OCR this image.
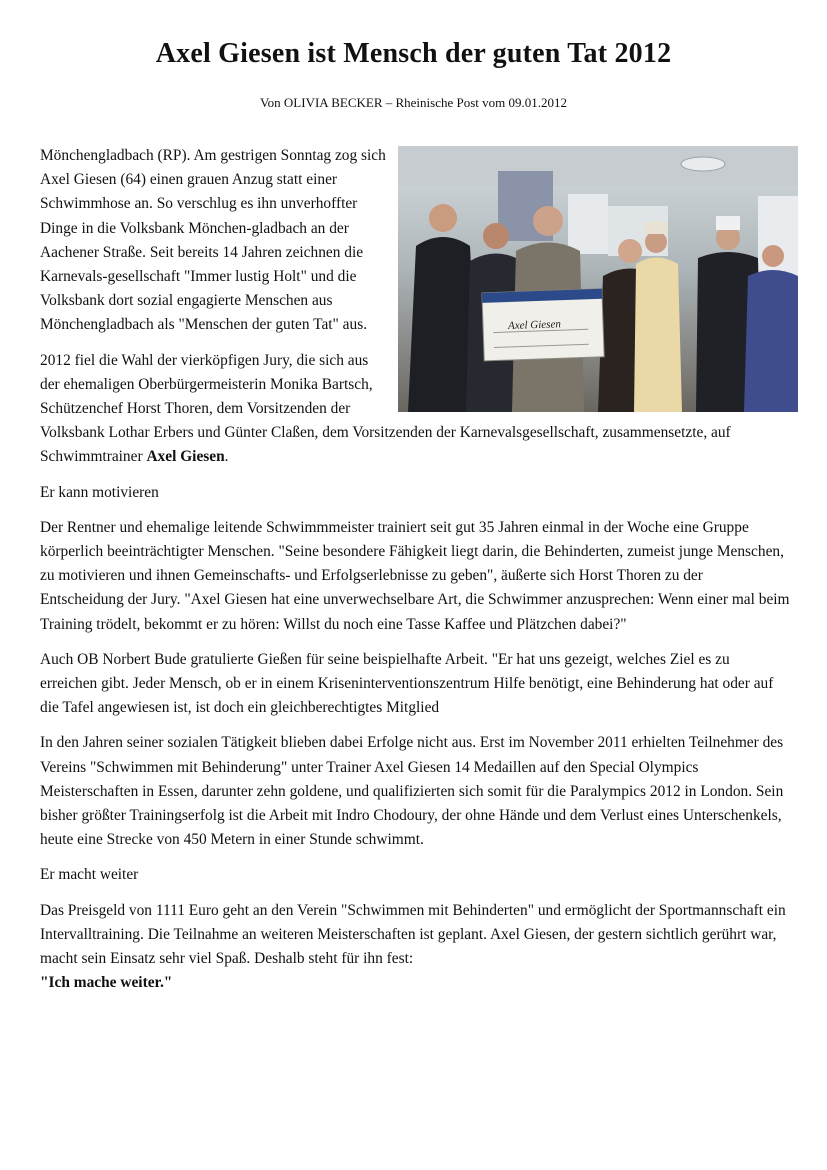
Axel Giesen ist Mensch der guten Tat 2012
Von OLIVIA BECKER – Rheinische Post vom 09.01.2012
Axel Giesen

Mönchengladbach (RP). Am gestrigen Sonntag zog sich Axel Giesen (64) einen grauen Anzug statt einer Schwimmhose an. So verschlug es ihn unverhoffter Dinge in die Volksbank Mönchen-gladbach an der Aachener Straße. Seit bereits 14 Jahren zeichnen die Karnevals-gesellschaft "Immer lustig Holt" und die Volksbank dort sozial engagierte Menschen aus Mönchengladbach als "Menschen der guten Tat" aus.

2012 fiel die Wahl der vierköpfigen Jury, die sich aus der ehemaligen Oberbürgermeisterin Monika Bartsch, Schützenchef Horst Thoren, dem Vorsitzenden der Volksbank Lothar Erbers und Günter Claßen, dem Vorsitzenden der Karnevalsgesellschaft, zusammensetzte, auf Schwimmtrainer Axel Giesen.

Er kann motivieren

Der Rentner und ehemalige leitende Schwimmmeister trainiert seit gut 35 Jahren einmal in der Woche eine Gruppe körperlich beeinträchtigter Menschen. "Seine besondere Fähigkeit liegt darin, die Behinderten, zumeist junge Menschen, zu motivieren und ihnen Gemeinschafts- und Erfolgserlebnisse zu geben", äußerte sich Horst Thoren zu der Entscheidung der Jury. "Axel Giesen hat eine unverwechselbare Art, die Schwimmer anzusprechen: Wenn einer mal beim Training trödelt, bekommt er zu hören: Willst du noch eine Tasse Kaffee und Plätzchen dabei?"

Auch OB Norbert Bude gratulierte Gießen für seine beispielhafte Arbeit. "Er hat uns gezeigt, welches Ziel es zu erreichen gibt. Jeder Mensch, ob er in einem Kriseninterventionszentrum Hilfe benötigt, eine Behinderung hat oder auf die Tafel angewiesen ist, ist doch ein gleichberechtigtes Mitglied

In den Jahren seiner sozialen Tätigkeit blieben dabei Erfolge nicht aus. Erst im November 2011 erhielten Teilnehmer des Vereins "Schwimmen mit Behinderung" unter Trainer Axel Giesen 14 Medaillen auf den Special Olympics Meisterschaften in Essen, darunter zehn goldene, und qualifizierten sich somit für die Paralympics 2012 in London. Sein bisher größter Trainingserfolg ist die Arbeit mit Indro Chodoury, der ohne Hände und dem Verlust eines Unterschenkels, heute eine Strecke von 450 Metern in einer Stunde schwimmt.

Er macht weiter

Das Preisgeld von 1111 Euro geht an den Verein "Schwimmen mit Behinderten" und ermöglicht der Sportmannschaft ein Intervalltraining. Die Teilnahme an weiteren Meisterschaften ist geplant. Axel Giesen, der gestern sichtlich gerührt war, macht sein Einsatz sehr viel Spaß. Deshalb steht für ihn fest:
"Ich mache weiter."
